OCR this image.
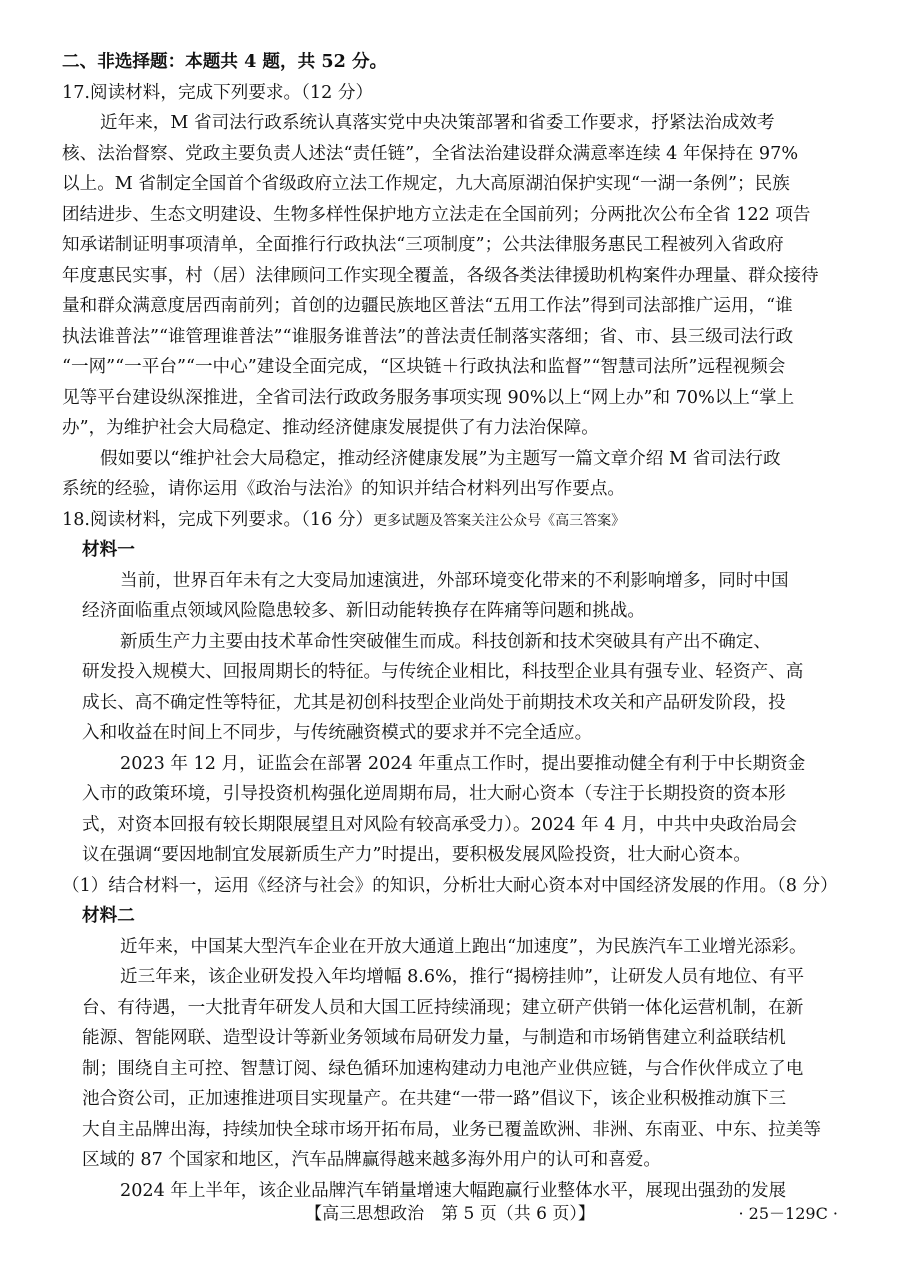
二、非选择题：本题共 4 题，共 52 分。
17.阅读材料，完成下列要求。（12 分）
近年来，M 省司法行政系统认真落实党中央决策部署和省委工作要求，抒紧法治成效考
核、法治督察、党政主要负责人述法“责任链”，全省法治建设群众满意率连续 4 年保持在 97%
以上。M 省制定全国首个省级政府立法工作规定，九大高原湖泊保护实现“一湖一条例”；民族
团结进步、生态文明建设、生物多样性保护地方立法走在全国前列；分两批次公布全省 122 项告
知承诺制证明事项清单，全面推行行政执法“三项制度”；公共法律服务惠民工程被列入省政府
年度惠民实事，村（居）法律顾问工作实现全覆盖，各级各类法律援助机构案件办理量、群众接待
量和群众满意度居西南前列；首创的边疆民族地区普法“五用工作法”得到司法部推广运用，“谁
执法谁普法”“谁管理谁普法”“谁服务谁普法”的普法责任制落实落细；省、市、县三级司法行政
“一网”“一平台”“一中心”建设全面完成，“区块链＋行政执法和监督”“智慧司法所”远程视频会
见等平台建设纵深推进，全省司法行政政务服务事项实现 90%以上“网上办”和 70%以上“掌上
办”，为维护社会大局稳定、推动经济健康发展提供了有力法治保障。
假如要以“维护社会大局稳定，推动经济健康发展”为主题写一篇文章介绍 M 省司法行政
系统的经验，请你运用《政治与法治》的知识并结合材料列出写作要点。
18.阅读材料，完成下列要求。（16 分）更多试题及答案关注公众号《高三答案》
材料一
当前，世界百年未有之大变局加速演进，外部环境变化带来的不利影响增多，同时中国
经济面临重点领域风险隐患较多、新旧动能转换存在阵痛等问题和挑战。
新质生产力主要由技术革命性突破催生而成。科技创新和技术突破具有产出不确定、
研发投入规模大、回报周期长的特征。与传统企业相比，科技型企业具有强专业、轻资产、高
成长、高不确定性等特征，尤其是初创科技型企业尚处于前期技术攻关和产品研发阶段，投
入和收益在时间上不同步，与传统融资模式的要求并不完全适应。
2023 年 12 月，证监会在部署 2024 年重点工作时，提出要推动健全有利于中长期资金
入市的政策环境，引导投资机构强化逆周期布局，壮大耐心资本（专注于长期投资的资本形
式，对资本回报有较长期限展望且对风险有较高承受力）。2024 年 4 月，中共中央政治局会
议在强调“要因地制宜发展新质生产力”时提出，要积极发展风险投资，壮大耐心资本。
（1）结合材料一，运用《经济与社会》的知识，分析壮大耐心资本对中国经济发展的作用。（8 分）
材料二
近年来，中国某大型汽车企业在开放大通道上跑出“加速度”，为民族汽车工业增光添彩。
近三年来，该企业研发投入年均增幅 8.6%，推行“揭榜挂帅”，让研发人员有地位、有平
台、有待遇，一大批青年研发人员和大国工匠持续涌现；建立研产供销一体化运营机制，在新
能源、智能网联、造型设计等新业务领域布局研发力量，与制造和市场销售建立利益联结机
制；围绕自主可控、智慧订阅、绿色循环加速构建动力电池产业供应链，与合作伙伴成立了电
【高三思想政治　第 5 页（共 6 页）】	· 25－129C ·
池合资公司，正加速推进项目实现量产。在共建“一带一路”倡议下，该企业积极推动旗下三
大自主品牌出海，持续加快全球市场开拓布局，业务已覆盖欧洲、非洲、东南亚、中东、拉美等
区域的 87 个国家和地区，汽车品牌赢得越来越多海外用户的认可和喜爱。
2024 年上半年，该企业品牌汽车销量增速大幅跑赢行业整体水平，展现出强劲的发展
